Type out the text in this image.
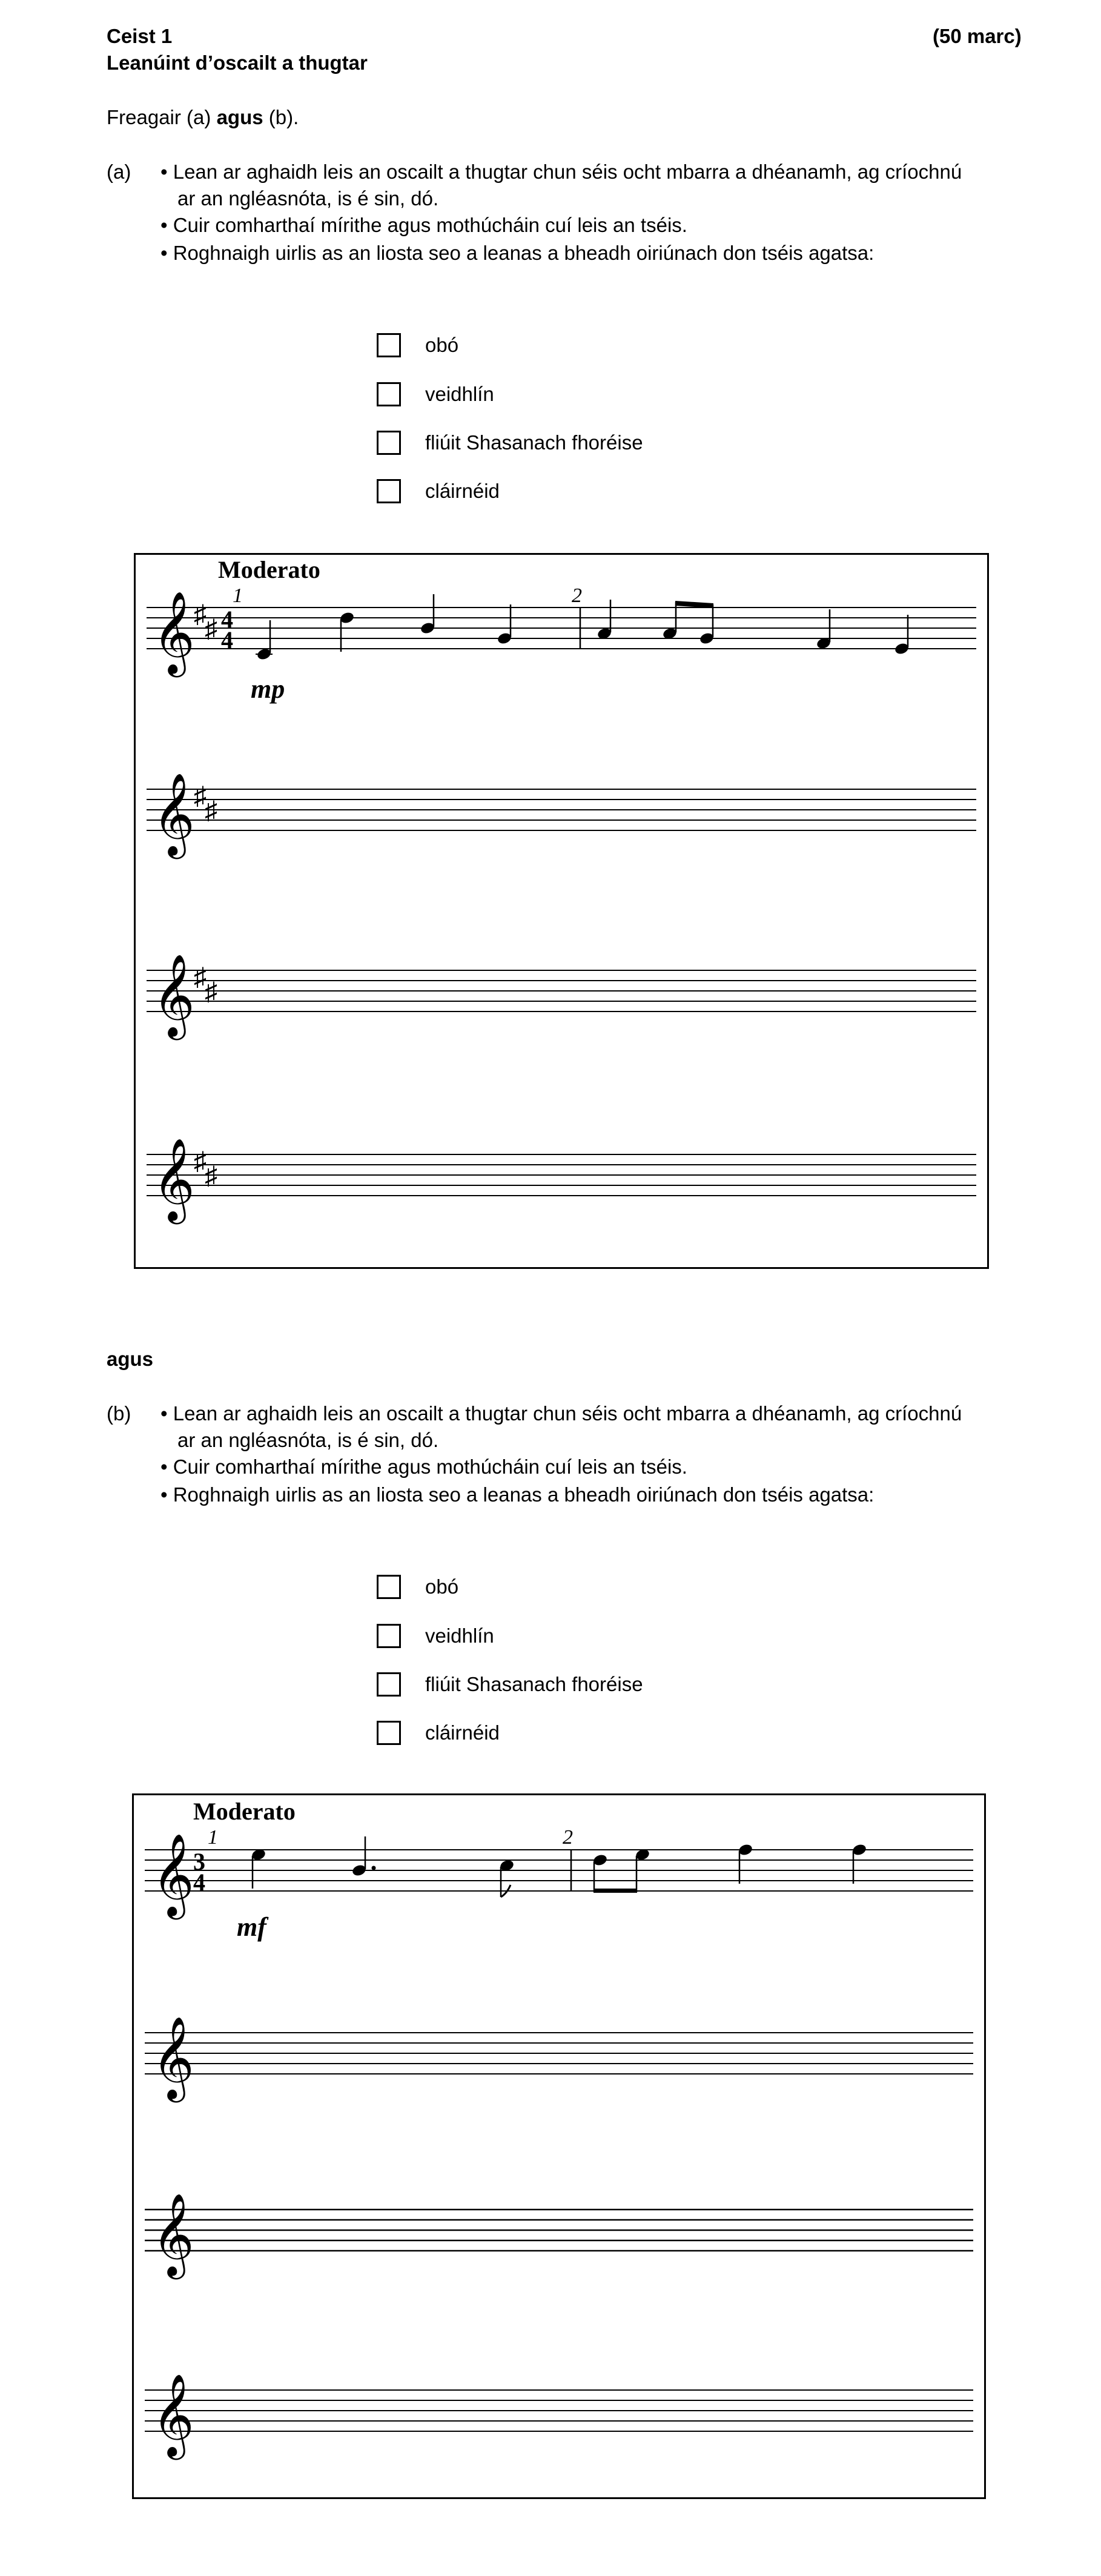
Ceist 1	(50 marc)
Leanúint d’oscailt a thugtar
Freagair (a) agus (b).
(a) • Lean ar aghaidh leis an oscailt a thugtar chun séis ocht mbarra a dhéanamh, ag críochnú
ar an ngléasnóta, is é sin, dó.
• Cuir comharthaí mírithe agus mothúcháin cuí leis an tséis.
• Roghnaigh uirlis as an liosta seo a leanas a bheadh oiriúnach don tséis agatsa:
obó
veidhlín
fliúit Shasanach fhoréise
cláirnéid
Moderato
1	2
𝄞
♯
♯ 4
4
mp
𝄞
♯
♯
𝄞
♯
♯
𝄞
♯
♯
agus
(b) • Lean ar aghaidh leis an oscailt a thugtar chun séis ocht mbarra a dhéanamh, ag críochnú
ar an ngléasnóta, is é sin, dó.
• Cuir comharthaí mírithe agus mothúcháin cuí leis an tséis.
• Roghnaigh uirlis as an liosta seo a leanas a bheadh oiriúnach don tséis agatsa:
obó
veidhlín
fliúit Shasanach fhoréise
cláirnéid
Moderato
1	2
𝄞
3
4
mf
𝄞
𝄞
𝄞
